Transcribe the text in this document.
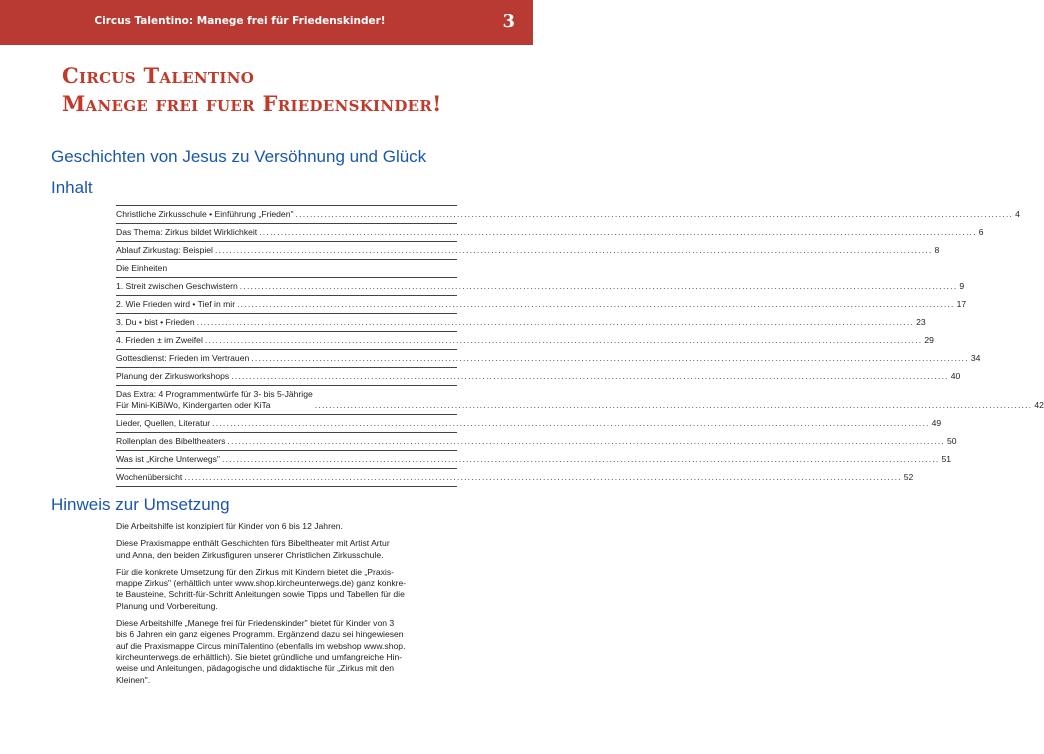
Circus Talentino: Manege frei für Friedenskinder!	3
Circus Talentino
Manege frei fuer Friedenskinder!
Geschichten von Jesus zu Versöhnung und Glück
Inhalt
Christliche Zirkusschule • Einführung „Frieden" ........................................................................................................................................................................................................ 4
Das Thema: Zirkus bildet Wirklichkeit ........................................................................................................................................................................................................ 6
Ablauf Zirkustag: Beispiel ........................................................................................................................................................................................................ 8
Die Einheiten
1. Streit zwischen Geschwistern ........................................................................................................................................................................................................ 9
2. Wie Frieden wird • Tief in mir ........................................................................................................................................................................................................ 17
3. Du • bist • Frieden ........................................................................................................................................................................................................ 23
4. Frieden ± im Zweifel ........................................................................................................................................................................................................ 29
Gottesdienst: Frieden im Vertrauen ........................................................................................................................................................................................................ 34
Planung der Zirkusworkshops ........................................................................................................................................................................................................ 40
Das Extra: 4 Programmentwürfe für 3- bis 5-Jährige
Für Mini-KiBiWo, Kindergarten oder KiTa	........................................................................................................................................................................................................ 42
Lieder, Quellen, Literatur ........................................................................................................................................................................................................ 49
Rollenplan des Bibeltheaters ........................................................................................................................................................................................................ 50
Was ist „Kirche Unterwegs" ........................................................................................................................................................................................................ 51
Wochenübersicht ........................................................................................................................................................................................................ 52
Hinweis zur Umsetzung

Die Arbeitshilfe ist konzipiert für Kinder von 6 bis 12 Jahren.

Diese Praxismappe enthält Geschichten fürs Bibeltheater mit Artist Artur
und Anna, den beiden Zirkusfiguren unserer Christlichen Zirkusschule.

Für die konkrete Umsetzung für den Zirkus mit Kindern bietet die „Praxis-
mappe Zirkus" (erhältlich unter www.shop.kircheunterwegs.de) ganz konkre-
te Bausteine, Schritt-für-Schritt Anleitungen sowie Tipps und Tabellen für die
Planung und Vorbereitung.

Diese Arbeitshilfe „Manege frei für Friedenskinder" bietet für Kinder von 3
bis 6 Jahren ein ganz eigenes Programm. Ergänzend dazu sei hingewiesen
auf die Praxismappe Circus miniTalentino (ebenfalls im webshop www.shop.
kircheunterwegs.de erhältlich). Sie bietet gründliche und umfangreiche Hin-
weise und Anleitungen, pädagogische und didaktische für „Zirkus mit den
Kleinen".
